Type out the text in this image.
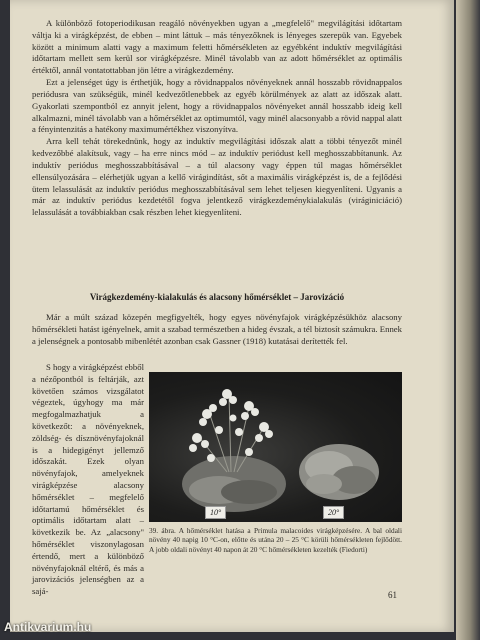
A különböző fotoperiodikusan reagáló növényekben ugyan a „megfelelő" megvilágítási időtartam váltja ki a virágképzést, de ebben – mint láttuk – más tényezőknek is lényeges szerepük van. Egyebek között a minimum alatti vagy a maximum feletti hőmérsékleten az egyébként induktív megvilágítási időtartam mellett sem kerül sor virágképzésre. Minél távolabb van az adott hőmérséklet az optimális értéktől, annál vontatottabban jön létre a virágkezdemény.

Ezt a jelenséget úgy is érthetjük, hogy a rövidnappalos növényeknek annál hosszabb rövidnappalos periódusra van szükségük, minél kedvezőtlenebbek az egyéb körülmények az alatt az időszak alatt. Gyakorlati szempontból ez annyit jelent, hogy a rövidnappalos növényeket annál hosszabb ideig kell alkalmazni, minél távolabb van a hőmérséklet az optimumtól, vagy minél alacsonyabb a rövid nappal alatt a fényintenzitás a hatékony maximumértékhez viszonyítva.

Arra kell tehát törekednünk, hogy az induktív megvilágítási időszak alatt a többi tényezőt minél kedvezőbbé alakítsuk, vagy – ha erre nincs mód – az induktív periódust kell meghosszabbítanunk. Az induktív periódus meghosszabbításával – a túl alacsony vagy éppen túl magas hőmérséklet ellensúlyozására – elérhetjük ugyan a kellő virágindítást, sőt a maximális virágképzést is, de a fejlődési ütem lelassulását az induktív periódus meghosszabbításával sem lehet teljesen kiegyenlíteni. Ugyanis a már az induktív periódus kezdetétől fogva jelentkező virágkezdeménykialakulás (viráginiciáció) lelassulását a továbbiakban csak részben lehet kiegyenlíteni.

Virágkezdemény-kialakulás és alacsony hőmérséklet – Jarovizáció

Már a múlt század közepén megfigyelték, hogy egyes növényfajok virágképzésükhöz alacsony hőmérsékleti hatást igényelnek, amit a szabad természetben a hideg évszak, a tél biztosít számukra. Ennek a jelenségnek a pontosabb mibenlétét azonban csak Gassner (1918) kutatásai derítették fel.

S hogy a virágképzést ebből a nézőpontból is feltárják, azt követően számos vizsgálatot végeztek, úgyhogy ma már megfogalmazhatjuk a következőt: a növényeknek, zöldség- és dísznövényfajoknál is a hidegigényt jellemző időszakát. Ezek olyan növényfajok, amelyeknek virágképzése alacsony hőmérséklet – megfelelő időtartamú hőmérséklet és optimális időtartam alatt – következik be. Az „alacsony" hőmérséklet viszonylagosan értendő, mert a különböző növényfajoknál eltérő, és más a jarovizációs jelenségben az a sajá-

10°	20°
39. ábra. A hőmérséklet hatása a Primula malacoides virágképzésére. A bal oldali növény 40 napig 10 °C-on, előtte és utána 20 – 25 °C körüli hőmérsékleten fejlődött. A jobb oldali növényt 40 napon át 20 °C hőmérsékleten kezelték (Fiedorti)
61
Antikvarium.hu
